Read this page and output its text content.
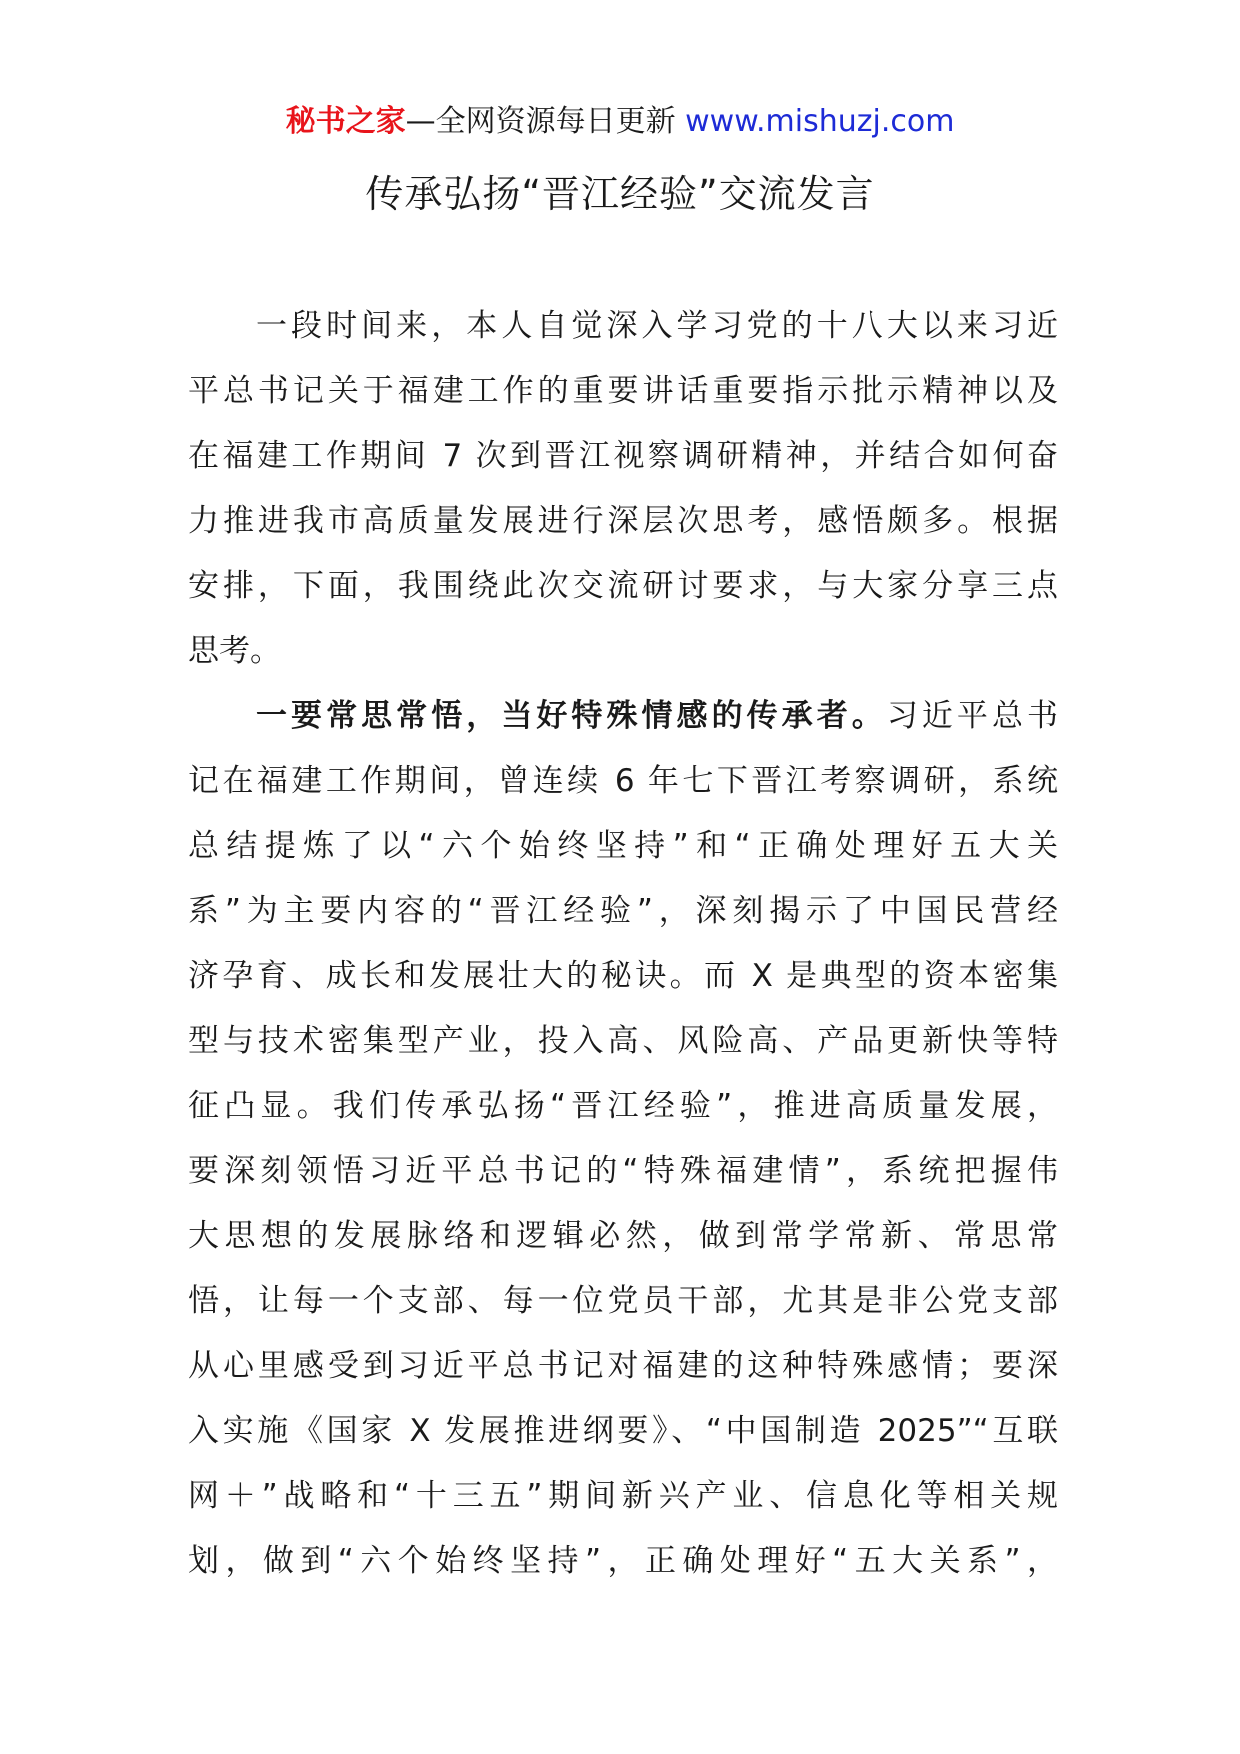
秘书之家—全网资源每日更新 www.mishuzj.com
传承弘扬“晋江经验”交流发言
一段时间来，本人自觉深入学习党的十八大以来习近
平总书记关于福建工作的重要讲话重要指示批示精神以及
在福建工作期间 7 次到晋江视察调研精神，并结合如何奋
力推进我市高质量发展进行深层次思考，感悟颇多。根据
安排，下面，我围绕此次交流研讨要求，与大家分享三点
思考。
一要常思常悟，当好特殊情感的传承者。习近平总书
记在福建工作期间，曾连续 6 年七下晋江考察调研，系统
总结提炼了以“六个始终坚持”和“正确处理好五大关
系”为主要内容的“晋江经验”，深刻揭示了中国民营经
济孕育、成长和发展壮大的秘诀。而 X 是典型的资本密集
型与技术密集型产业，投入高、风险高、产品更新快等特
征凸显。我们传承弘扬“晋江经验”，推进高质量发展，
要深刻领悟习近平总书记的“特殊福建情”，系统把握伟
大思想的发展脉络和逻辑必然，做到常学常新、常思常
悟，让每一个支部、每一位党员干部，尤其是非公党支部
从心里感受到习近平总书记对福建的这种特殊感情；要深
入实施《国家 X 发展推进纲要》、“中国制造 2025”“互联
网＋”战略和“十三五”期间新兴产业、信息化等相关规
划，做到“六个始终坚持”，正确处理好“五大关系”，
